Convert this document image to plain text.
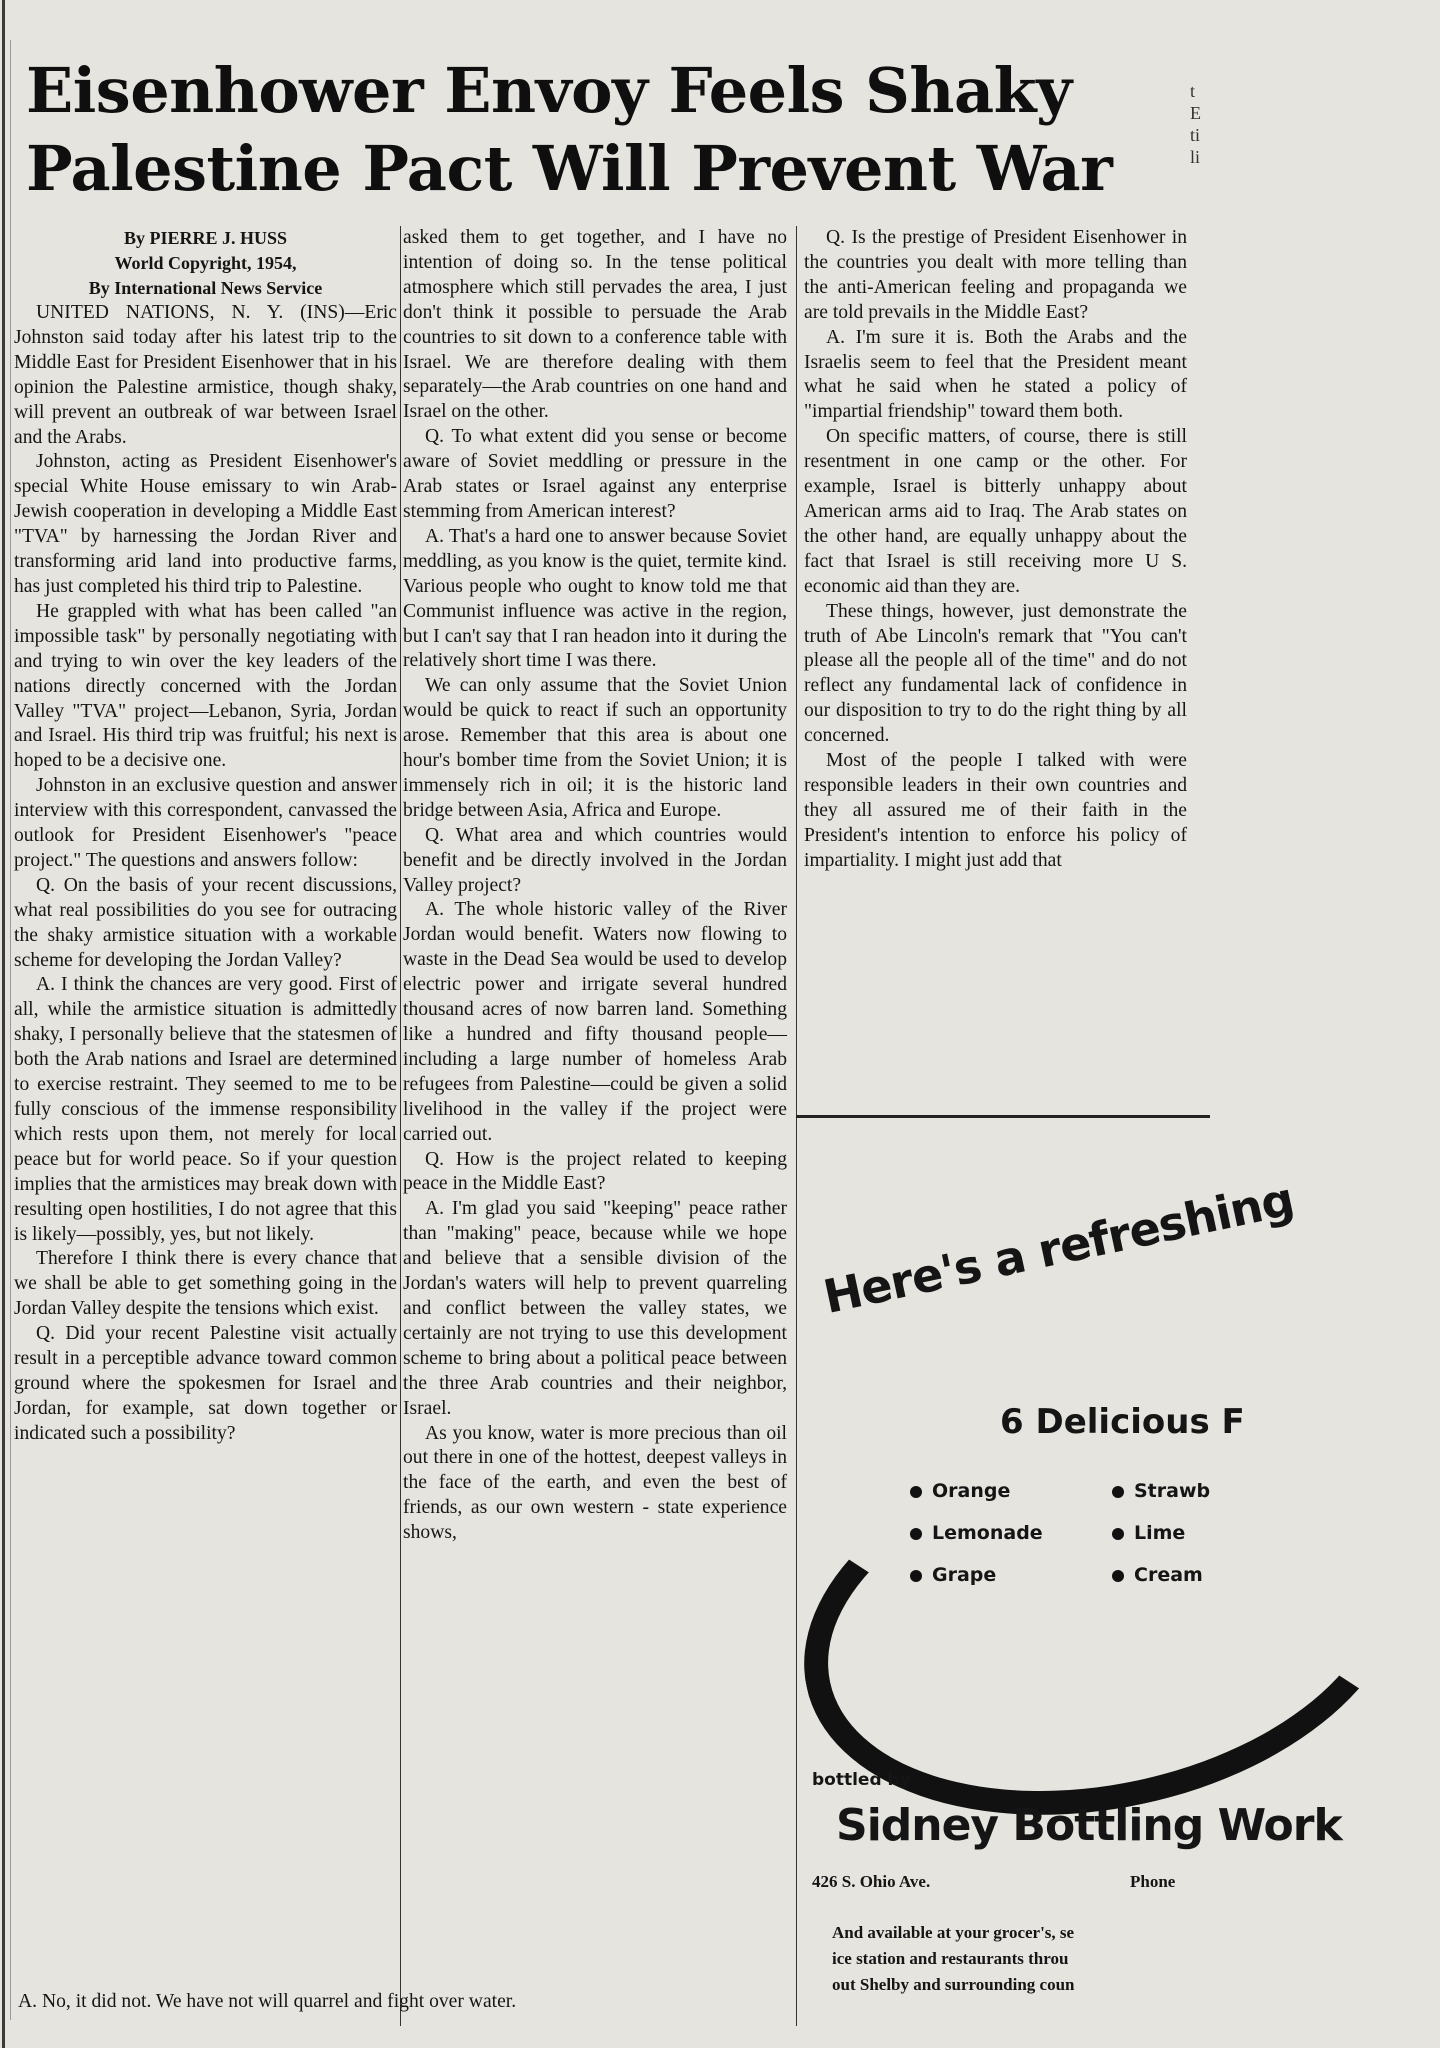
t
E
ti
li
Eisenhower Envoy Feels Shaky
Palestine Pact Will Prevent War

By PIERRE J. HUSS

World Copyright, 1954,

By International News Service

UNITED NATIONS, N. Y. (INS)—Eric Johnston said today after his latest trip to the Middle East for President Eisenhower that in his opinion the Palestine armistice, though shaky, will prevent an outbreak of war between Israel and the Arabs.

Johnston, acting as President Eisenhower's special White House emissary to win Arab-Jewish cooperation in developing a Middle East "TVA" by harnessing the Jordan River and transforming arid land into productive farms, has just completed his third trip to Palestine.

He grappled with what has been called "an impossible task" by personally negotiating with and trying to win over the key leaders of the nations directly concerned with the Jordan Valley "TVA" project—Lebanon, Syria, Jordan and Israel. His third trip was fruitful; his next is hoped to be a decisive one.

Johnston in an exclusive question and answer interview with this correspondent, canvassed the outlook for President Eisenhower's "peace project." The questions and answers follow:

Q. On the basis of your recent discussions, what real possibilities do you see for outracing the shaky armistice situation with a workable scheme for developing the Jordan Valley?

A. I think the chances are very good. First of all, while the armistice situation is admittedly shaky, I personally believe that the statesmen of both the Arab nations and Israel are determined to exercise restraint. They seemed to me to be fully conscious of the immense responsibility which rests upon them, not merely for local peace but for world peace. So if your question implies that the armistices may break down with resulting open hostilities, I do not agree that this is likely—possibly, yes, but not likely.

Therefore I think there is every chance that we shall be able to get something going in the Jordan Valley despite the tensions which exist.

Q. Did your recent Palestine visit actually result in a perceptible advance toward common ground where the spokesmen for Israel and Jordan, for example, sat down together or indicated such a possibility?

asked them to get together, and I have no intention of doing so. In the tense political atmosphere which still pervades the area, I just don't think it possible to persuade the Arab countries to sit down to a conference table with Israel. We are therefore dealing with them separately—the Arab countries on one hand and Israel on the other.

Q. To what extent did you sense or become aware of Soviet meddling or pressure in the Arab states or Israel against any enterprise stemming from American interest?

A. That's a hard one to answer because Soviet meddling, as you know is the quiet, termite kind. Various people who ought to know told me that Communist influence was active in the region, but I can't say that I ran headon into it during the relatively short time I was there.

We can only assume that the Soviet Union would be quick to react if such an opportunity arose. Remember that this area is about one hour's bomber time from the Soviet Union; it is immensely rich in oil; it is the historic land bridge between Asia, Africa and Europe.

Q. What area and which countries would benefit and be directly involved in the Jordan Valley project?

A. The whole historic valley of the River Jordan would benefit. Waters now flowing to waste in the Dead Sea would be used to develop electric power and irrigate several hundred thousand acres of now barren land. Something like a hundred and fifty thousand people—including a large number of homeless Arab refugees from Palestine—could be given a solid livelihood in the valley if the project were carried out.

Q. How is the project related to keeping peace in the Middle East?

A. I'm glad you said "keeping" peace rather than "making" peace, because while we hope and believe that a sensible division of the Jordan's waters will help to prevent quarreling and conflict between the valley states, we certainly are not trying to use this development scheme to bring about a political peace between the three Arab countries and their neighbor, Israel.

As you know, water is more precious than oil out there in one of the hottest, deepest valleys in the face of the earth, and even the best of friends, as our own western - state experience shows,

Q. Is the prestige of President Eisenhower in the countries you dealt with more telling than the anti-American feeling and propaganda we are told prevails in the Middle East?

A. I'm sure it is. Both the Arabs and the Israelis seem to feel that the President meant what he said when he stated a policy of "impartial friendship" toward them both.

On specific matters, of course, there is still resentment in one camp or the other. For example, Israel is bitterly unhappy about American arms aid to Iraq. The Arab states on the other hand, are equally unhappy about the fact that Israel is still receiving more U S. economic aid than they are.

These things, however, just demonstrate the truth of Abe Lincoln's remark that "You can't please all the people all of the time" and do not reflect any fundamental lack of confidence in our disposition to try to do the right thing by all concerned.

Most of the people I talked with were responsible leaders in their own countries and they all assured me of their faith in the President's intention to enforce his policy of impartiality. I might just add that

A. No, it did not. We have not will quarrel and fight over water.
Here's a refreshing
6 Delicious F
Orange
Lemonade
Grape
Strawb
Lime
Cream
bottled by
Sidney Bottling Work
426 S. Ohio Ave.	Phone
And available at your grocer's, se
ice station and restaurants throu
out Shelby and surrounding coun
